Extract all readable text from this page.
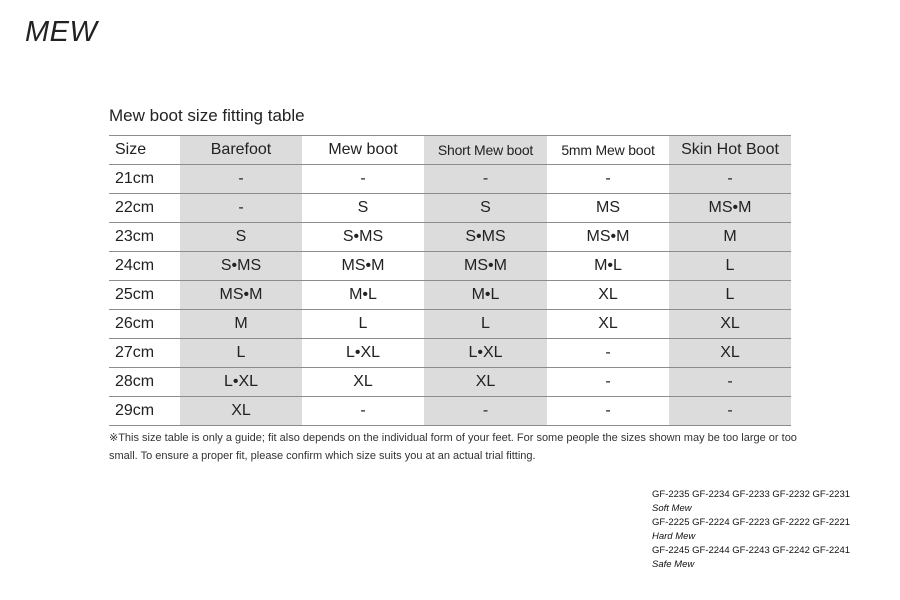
MEW
Mew boot size fitting table
Size	Barefoot	Mew boot	Short Mew boot	5mm Mew boot	Skin Hot Boot
21cm	-	-	-	-	-
22cm	-	S	S	MS	MS•M
23cm	S	S•MS	S•MS	MS•M	M
24cm	S•MS	MS•M	MS•M	M•L	L
25cm	MS•M	M•L	M•L	XL	L
26cm	M	L	L	XL	XL
27cm	L	L•XL	L•XL	-	XL
28cm	L•XL	XL	XL	-	-
29cm	XL	-	-	-	-
※This size table is only a guide; fit also depends on the individual form of your feet. For some people the sizes shown may be too large or too small. To ensure a proper fit, please confirm which size suits you at an actual trial fitting.
GF-2235 GF-2234 GF-2233 GF-2232 GF-2231
Soft Mew
GF-2225 GF-2224 GF-2223 GF-2222 GF-2221
Hard Mew
GF-2245 GF-2244 GF-2243 GF-2242 GF-2241
Safe Mew
